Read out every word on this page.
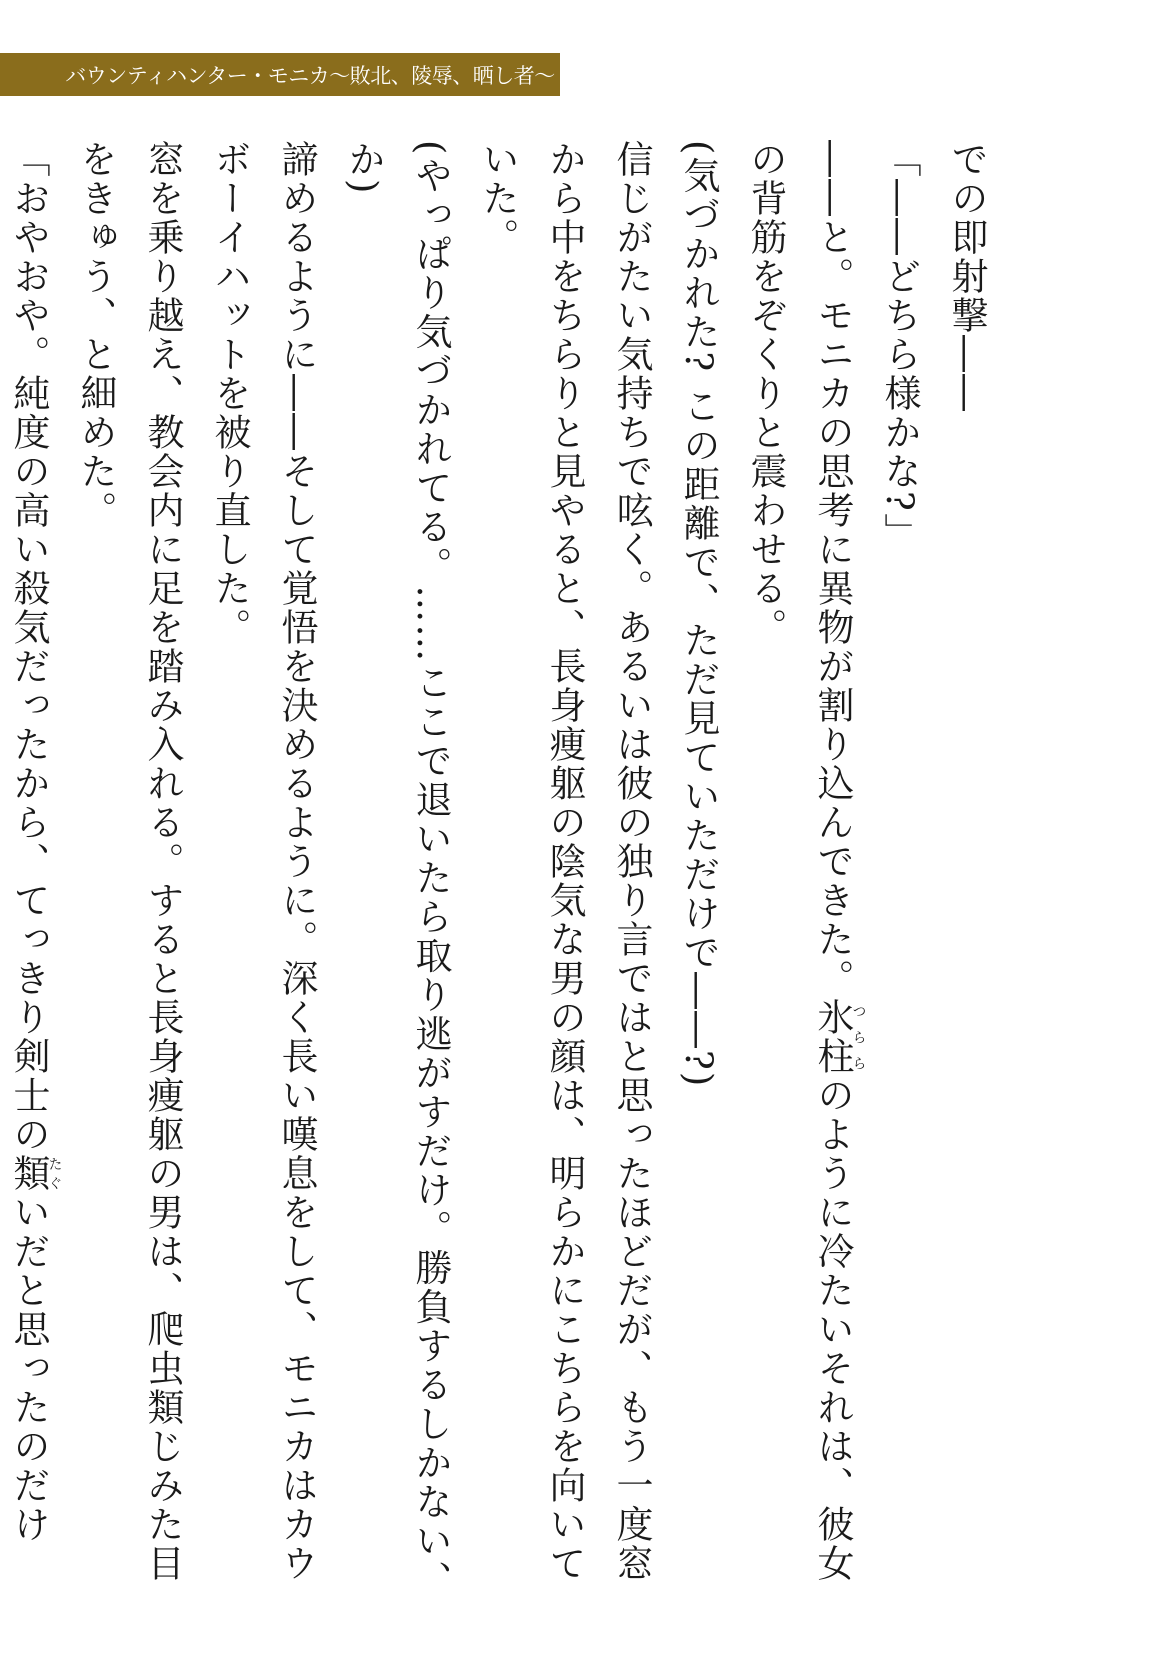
バウンティハンター・モニカ〜敗北、陵辱、晒し者〜

での即射撃――

「――どちら様かな?」

――と。モニカの思考に異物が割り込んできた。氷柱つららのように冷たいそれは、彼女の背筋をぞくりと震わせる。

(気づかれた? この距離で、ただ見ていただけで――?)

信じがたい気持ちで呟く。あるいは彼の独り言ではと思ったほどだが、もう一度窓から中をちらりと見やると、長身痩躯の陰気な男の顔は、明らかにこちらを向いていた。

(やっぱり気づかれてる。……ここで退いたら取り逃がすだけ。勝負するしかない、か)

諦めるように――そして覚悟を決めるように。深く長い嘆息をして、モニカはカウボーイハットを被り直した。

窓を乗り越え、教会内に足を踏み入れる。すると長身痩躯の男は、爬虫類じみた目をきゅう、と細めた。

「おやおや。純度の高い殺気だったから、てっきり剣士の類たぐいだと思ったのだけ
